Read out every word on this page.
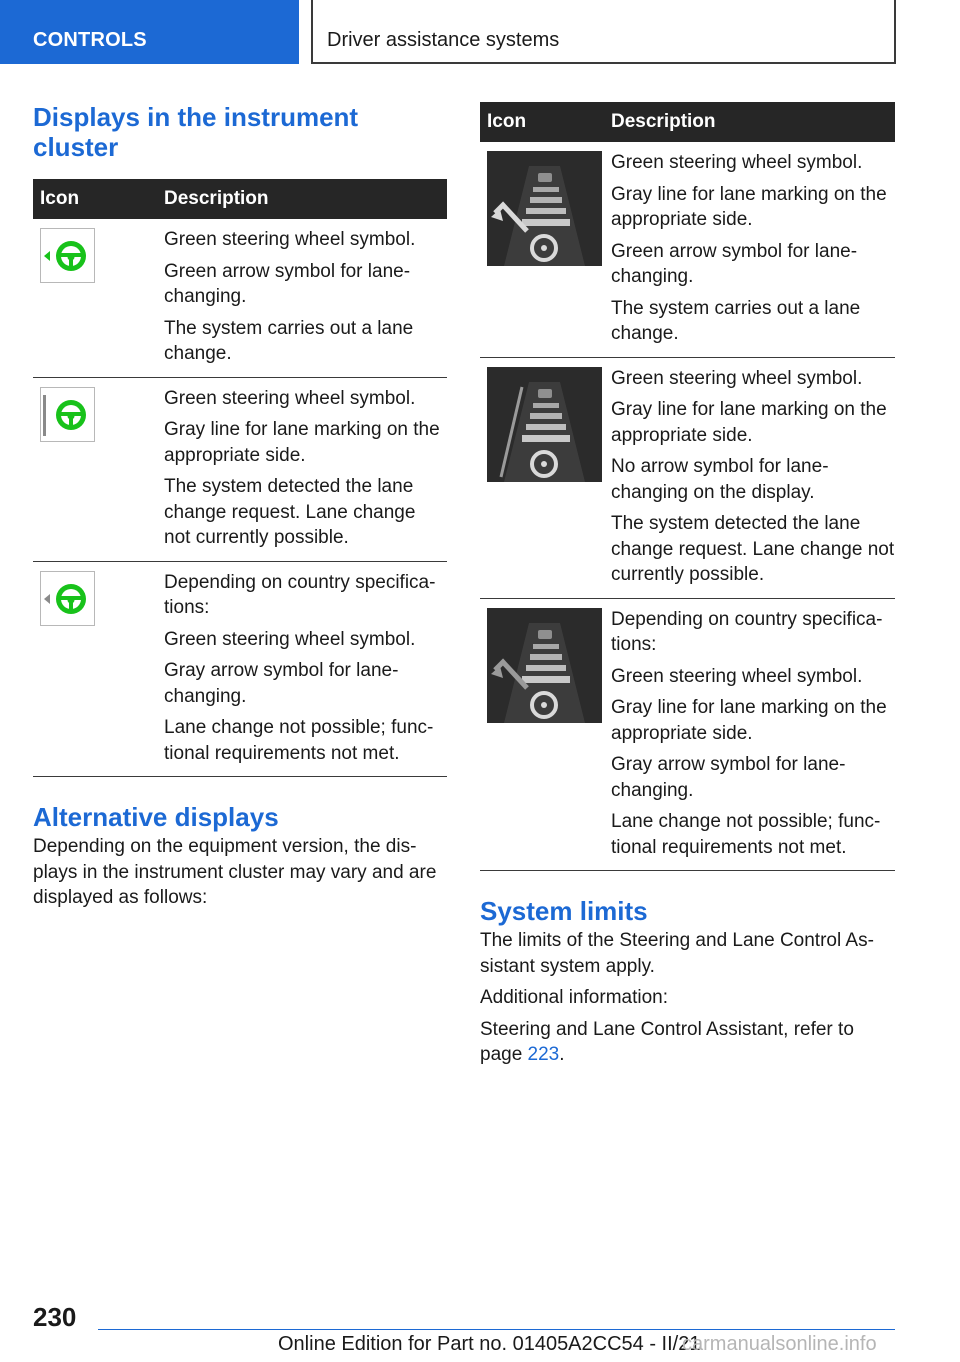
CONTROLS	Driver assistance systems
Displays in the instrument cluster
Icon	Description

Green steering wheel symbol.
Green arrow symbol for lane-changing.
The system carries out a lane change.

Green steering wheel symbol.
Gray line for lane marking on the appropriate side.
The system detected the lane change request. Lane change not currently possible.

Depending on country specifica-tions:
Green steering wheel symbol.
Gray arrow symbol for lane-changing.
Lane change not possible; func-tional requirements not met.
Alternative displays
Depending on the equipment version, the dis-plays in the instrument cluster may vary and are displayed as follows:
Icon	Description

Green steering wheel symbol.
Gray line for lane marking on the appropriate side.
Green arrow symbol for lane-changing.
The system carries out a lane change.

Green steering wheel symbol.
Gray line for lane marking on the appropriate side.
No arrow symbol for lane-changing on the display.
The system detected the lane change request. Lane change not currently possible.

Depending on country specifica-tions:
Green steering wheel symbol.
Gray line for lane marking on the appropriate side.
Gray arrow symbol for lane-changing.
Lane change not possible; func-tional requirements not met.
System limits
The limits of the Steering and Lane Control As-sistant system apply.
Additional information:
Steering and Lane Control Assistant, refer to page 223.
230
Online Edition for Part no. 01405A2CC54 - II/21
carmanualsonline.info
